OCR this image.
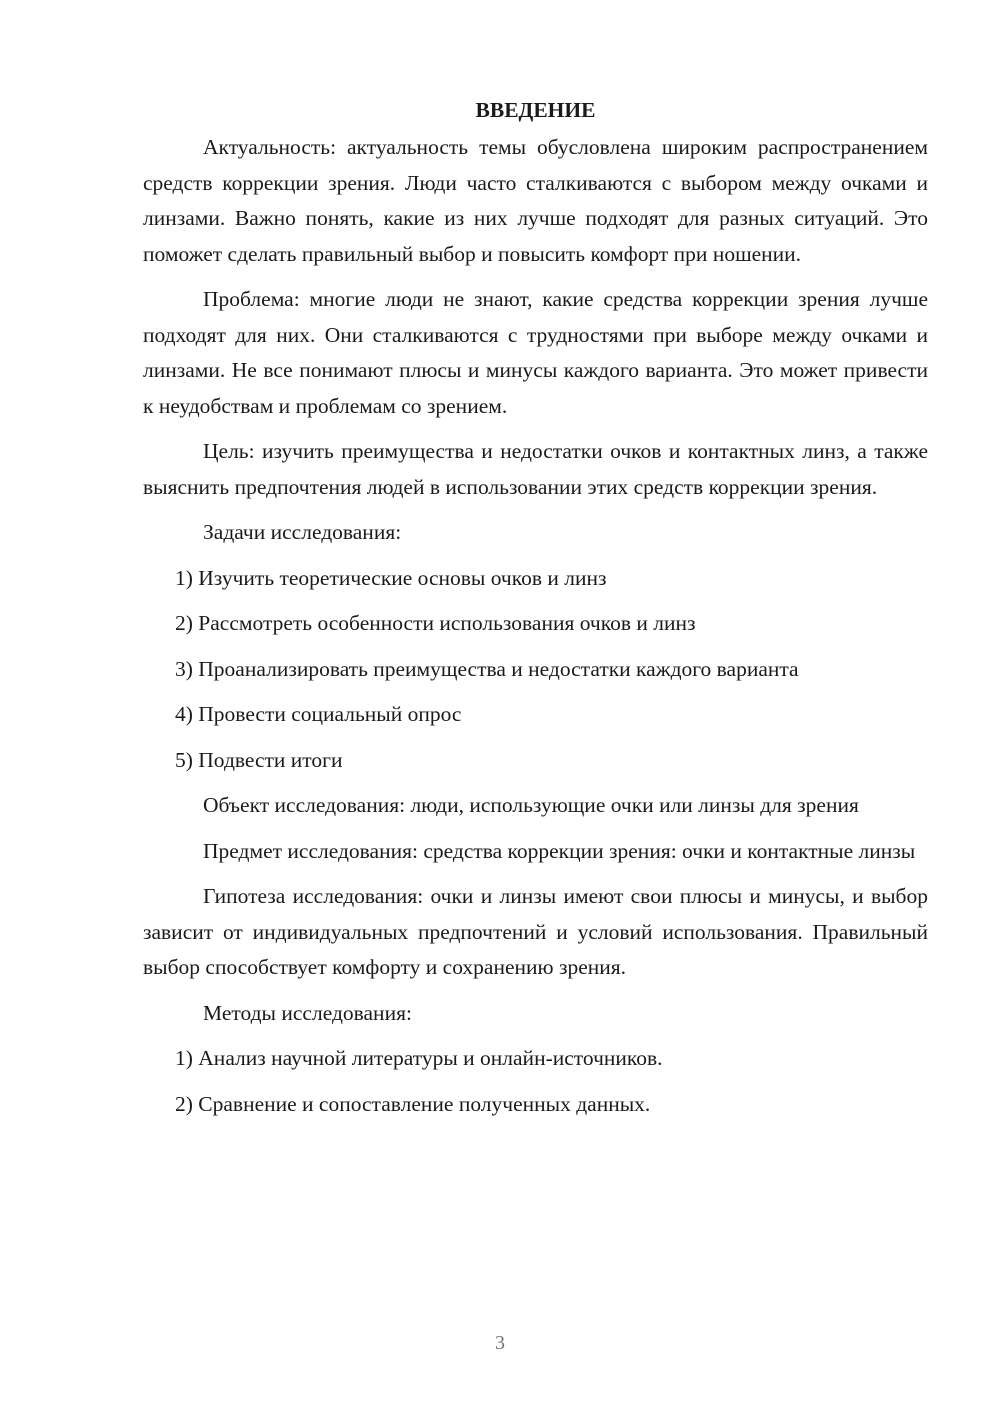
ВВЕДЕНИЕ

Актуальность: актуальность темы обусловлена широким распространением средств коррекции зрения. Люди часто сталкиваются с выбором между очками и линзами. Важно понять, какие из них лучше подходят для разных ситуаций. Это поможет сделать правильный выбор и повысить комфорт при ношении.

Проблема: многие люди не знают, какие средства коррекции зрения лучше подходят для них. Они сталкиваются с трудностями при выборе между очками и линзами. Не все понимают плюсы и минусы каждого варианта. Это может привести к неудобствам и проблемам со зрением.

Цель: изучить преимущества и недостатки очков и контактных линз, а также выяснить предпочтения людей в использовании этих средств коррекции зрения.

Задачи исследования:

1) Изучить теоретические основы очков и линз

2) Рассмотреть особенности использования очков и линз

3) Проанализировать преимущества и недостатки каждого варианта

4) Провести социальный опрос

5) Подвести итоги

Объект исследования: люди, использующие очки или линзы для зрения

Предмет исследования: средства коррекции зрения: очки и контактные линзы

Гипотеза исследования: очки и линзы имеют свои плюсы и минусы, и выбор зависит от индивидуальных предпочтений и условий использования. Правильный выбор способствует комфорту и сохранению зрения.

Методы исследования:

1) Анализ научной литературы и онлайн-источников.

2) Сравнение и сопоставление полученных данных.

3
